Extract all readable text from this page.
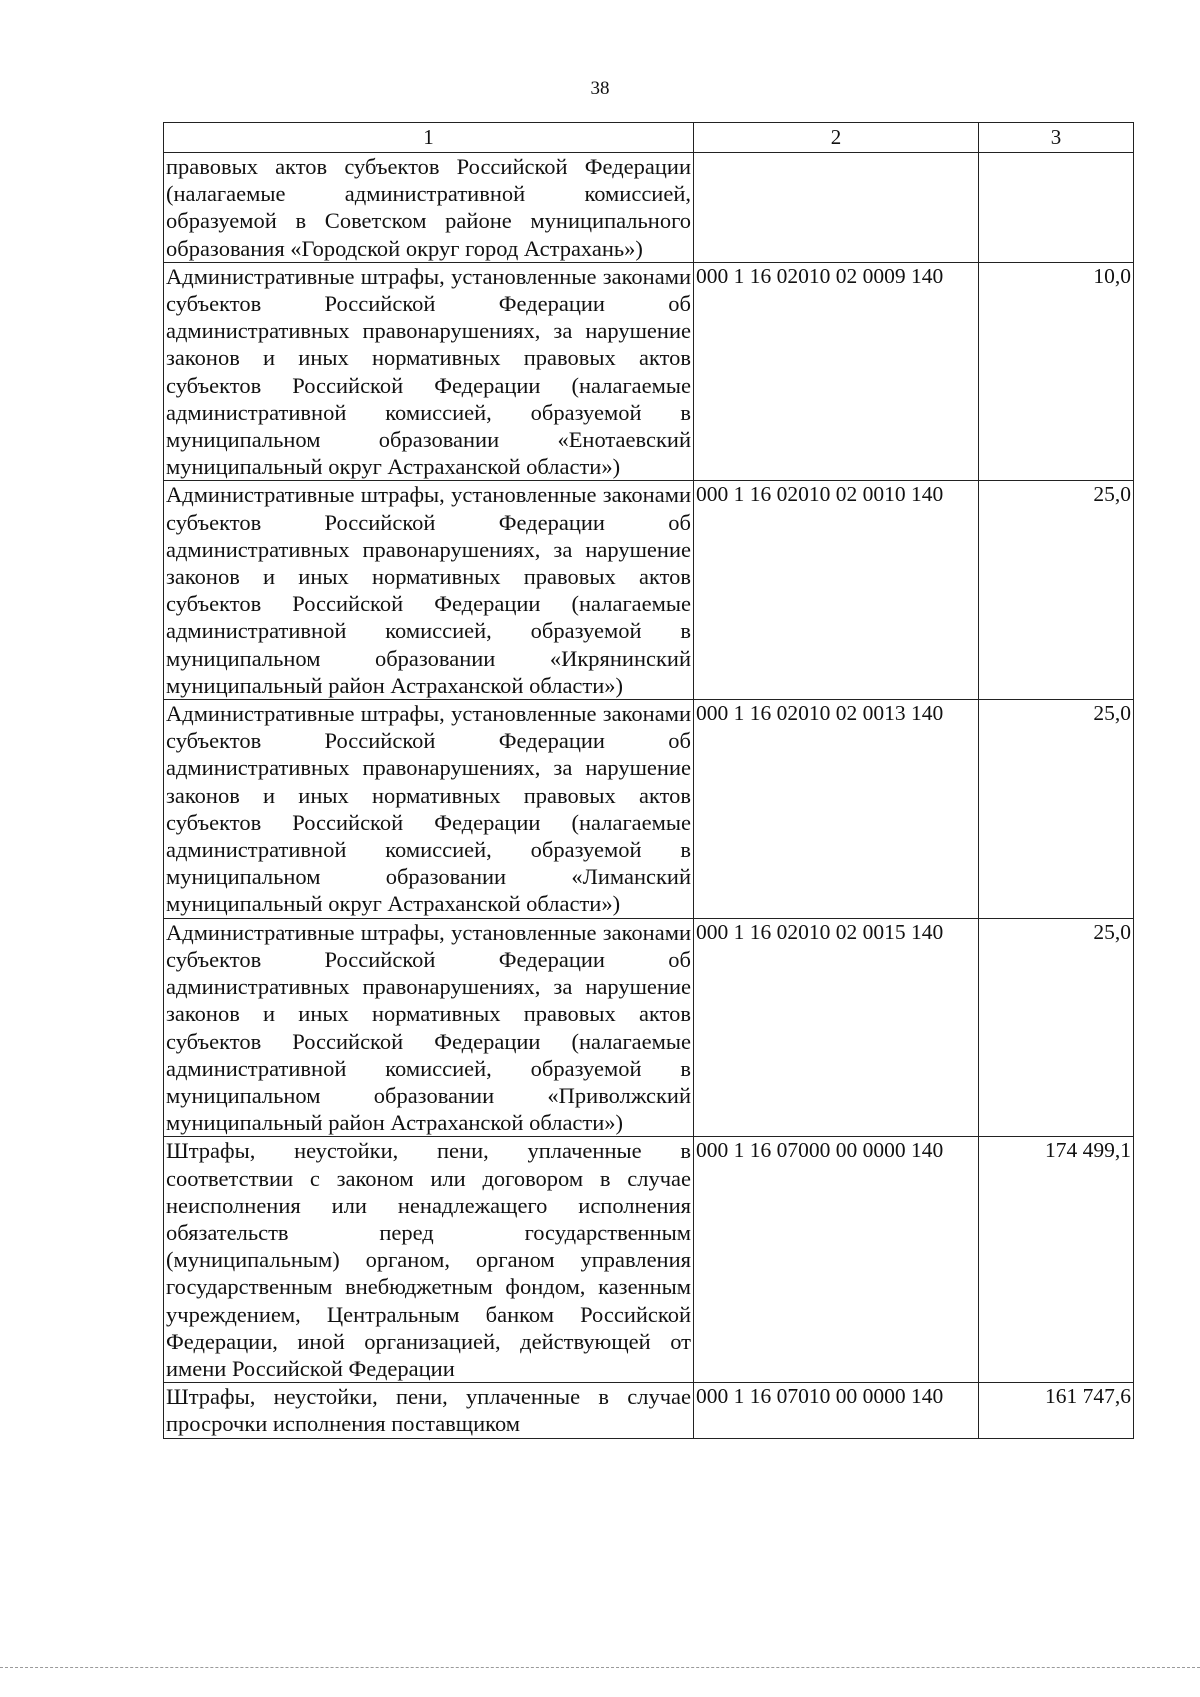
38
1	2	3
правовых актов субъектов Российской Федерации (налагаемые административной комиссией, образуемой в Советском районе муниципального образования «Городской округ город Астрахань»)		
Административные штрафы, установленные законами субъектов Российской Федерации об административных правонарушениях, за нарушение законов и иных нормативных правовых актов субъектов Российской Федерации (налагаемые административной комиссией, образуемой в муниципальном образовании «Енотаевский муниципальный округ Астраханской области»)	000 1 16 02010 02 0009 140	10,0
Административные штрафы, установленные законами субъектов Российской Федерации об административных правонарушениях, за нарушение законов и иных нормативных правовых актов субъектов Российской Федерации (налагаемые административной комиссией, образуемой в муниципальном образовании «Икрянинский муниципальный район Астраханской области»)	000 1 16 02010 02 0010 140	25,0
Административные штрафы, установленные законами субъектов Российской Федерации об административных правонарушениях, за нарушение законов и иных нормативных правовых актов субъектов Российской Федерации (налагаемые административной комиссией, образуемой в муниципальном образовании «Лиманский муниципальный округ Астраханской области»)	000 1 16 02010 02 0013 140	25,0
Административные штрафы, установленные законами субъектов Российской Федерации об административных правонарушениях, за нарушение законов и иных нормативных правовых актов субъектов Российской Федерации (налагаемые административной комиссией, образуемой в муниципальном образовании «Приволжский муниципальный район Астраханской области»)	000 1 16 02010 02 0015 140	25,0
Штрафы, неустойки, пени, уплаченные в соответствии с законом или договором в случае неисполнения или ненадлежащего исполнения обязательств перед государственным (муниципальным) органом, органом управления государственным внебюджетным фондом, казенным учреждением, Центральным банком Российской Федерации, иной организацией, действующей от имени Российской Федерации	000 1 16 07000 00 0000 140	174 499,1
Штрафы, неустойки, пени, уплаченные в случае просрочки исполнения поставщиком	000 1 16 07010 00 0000 140	161 747,6
